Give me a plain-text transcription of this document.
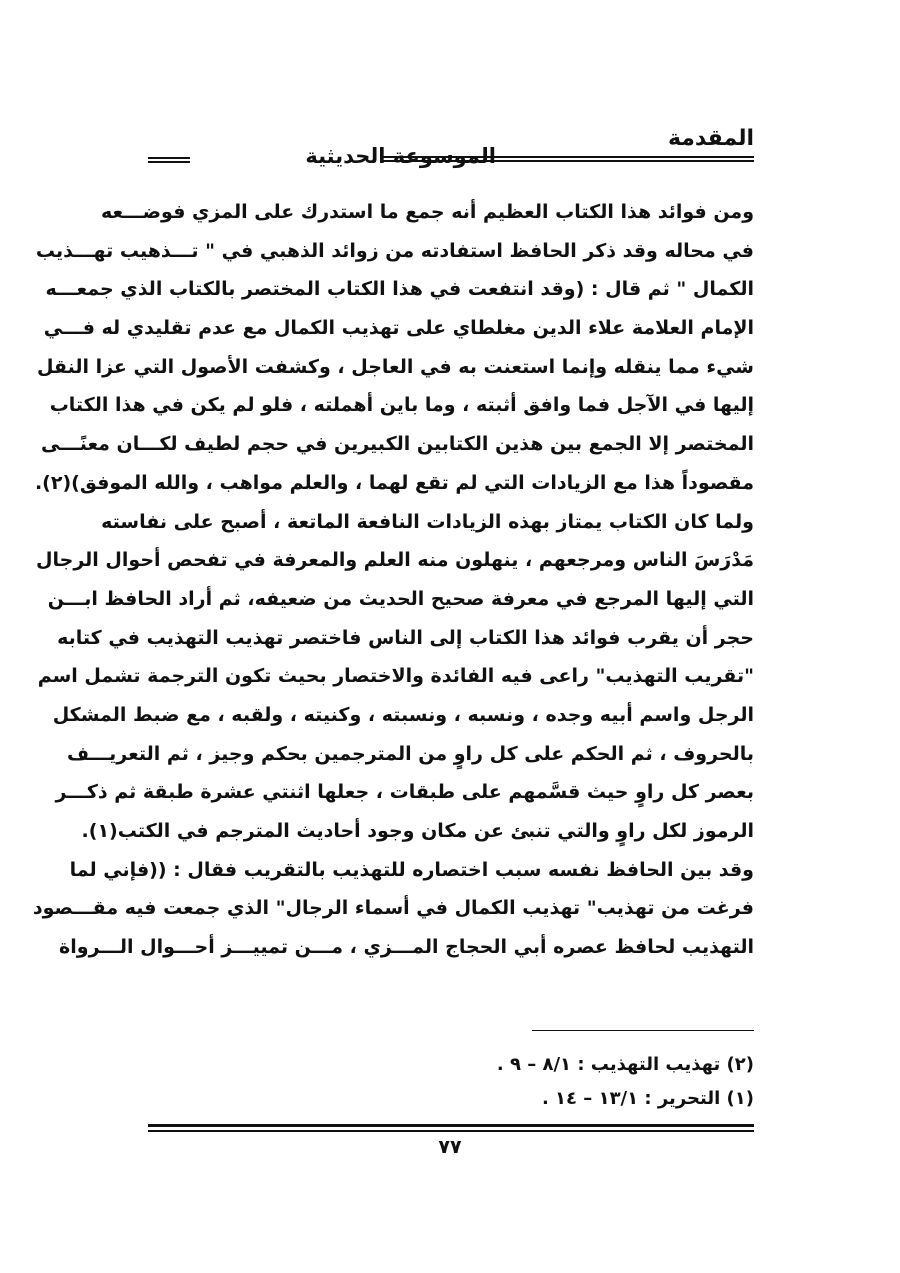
المقدمة
الموسوعة الحديثية
ومن فوائد هذا الكتاب العظيم أنه جمع ما استدرك على المزي فوضـــعه
في محاله وقد ذكر الحافظ استفادته من زوائد الذهبي في " تـــذهيب تهـــذيب
الكمال " ثم قال : (وقد انتفعت في هذا الكتاب المختصر بالكتاب الذي جمعـــه
الإمام العلامة علاء الدين مغلطاي على تهذيب الكمال مع عدم تقليدي له فـــي
شيء مما ينقله وإنما استعنت به في العاجل ، وكشفت الأصول التي عزا النقل
إليها في الآجل فما وافق أثبته ، وما باين أهملته ، فلو لم يكن في هذا الكتاب
المختصر إلا الجمع بين هذين الكتابين الكبيرين في حجم لطيف لكـــان معنًـــى
مقصوداً هذا مع الزيادات التي لم تقع لهما ، والعلم مواهب ، والله الموفق)(٢).
ولما كان الكتاب يمتاز بهذه الزيادات النافعة الماتعة ، أصبح على نفاسته
مَدْرَسَ الناس ومرجعهم ، ينهلون منه العلم والمعرفة في تفحص أحوال الرجال
التي إليها المرجع في معرفة صحيح الحديث من ضعيفه، ثم أراد الحافظ ابـــن
حجر أن يقرب فوائد هذا الكتاب إلى الناس فاختصر تهذيب التهذيب في كتابه
"تقريب التهذيب" راعى فيه الفائدة والاختصار بحيث تكون الترجمة تشمل اسم
الرجل واسم أبيه وجده ، ونسبه ، ونسبته ، وكنيته ، ولقبه ، مع ضبط المشكل
بالحروف ، ثم الحكم على كل راوٍ من المترجمين بحكم وجيز ، ثم التعريـــف
بعصر كل راوٍ حيث قسَّمهم على طبقات ، جعلها اثنتي عشرة طبقة ثم ذكـــر
الرموز لكل راوٍ والتي تنبئ عن مكان وجود أحاديث المترجم في الكتب(١).
وقد بين الحافظ نفسه سبب اختصاره للتهذيب بالتقريب فقال : ((فإني لما
فرغت من تهذيب" تهذيب الكمال في أسماء الرجال" الذي جمعت فيه مقـــصود
التهذيب لحافظ عصره أبي الحجاج المـــزي ، مـــن تمييـــز أحـــوال الـــرواة
(٢) تهذيب التهذيب : ٨/١ – ٩ .
(١) التحرير : ١٣/١ – ١٤ .
٧٧
